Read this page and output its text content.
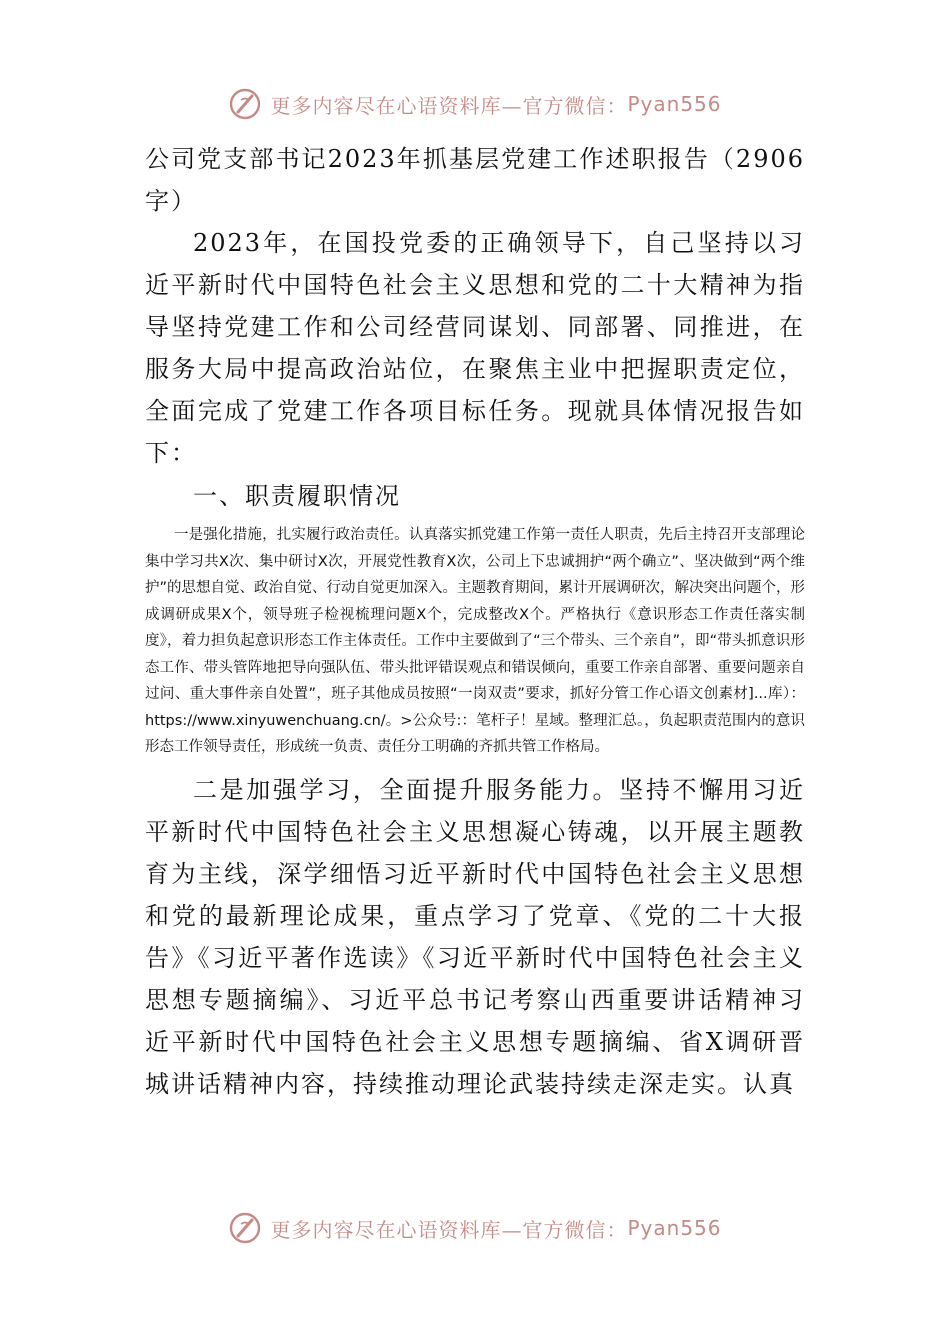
更多内容尽在心语资料库—官方微信： Pyan556
公司党支部书记2023年抓基层党建工作述职报告（2906字）

2023年，在国投党委的正确领导下，自己坚持以习近平新时代中国特色社会主义思想和党的二十大精神为指导坚持党建工作和公司经营同谋划、同部署、同推进，在服务大局中提高政治站位，在聚焦主业中把握职责定位，全面完成了党建工作各项目标任务。现就具体情况报告如下：

一、职责履职情况

一是强化措施，扎实履行政治责任。认真落实抓党建工作第一责任人职责，先后主持召开支部理论集中学习共X次、集中研讨X次，开展党性教育X次，公司上下忠诚拥护“两个确立”、坚决做到“两个维护”的思想自觉、政治自觉、行动自觉更加深入。主题教育期间，累计开展调研次，解决突出问题个，形成调研成果X个，领导班子检视梳理问题X个，完成整改X个。严格执行《意识形态工作责任落实制度》，着力担负起意识形态工作主体责任。工作中主要做到了“三个带头、三个亲自”，即“带头抓意识形态工作、带头管阵地把导向强队伍、带头批评错误观点和错误倾向，重要工作亲自部署、重要问题亲自过问、重大事件亲自处置”，班子其他成员按照“一岗双责”要求，抓好分管工作心语文创素材]...库）：https://www.xinyuwenchuang.cn/。>公众号:：笔杆子！星域。整理汇总。，负起职责范围内的意识形态工作领导责任，形成统一负责、责任分工明确的齐抓共管工作格局。

二是加强学习，全面提升服务能力。坚持不懈用习近平新时代中国特色社会主义思想凝心铸魂，以开展主题教育为主线，深学细悟习近平新时代中国特色社会主义思想和党的最新理论成果，重点学习了党章、《党的二十大报告》《习近平著作选读》《习近平新时代中国特色社会主义思想专题摘编》、习近平总书记考察山西重要讲话精神习近平新时代中国特色社会主义思想专题摘编、省X调研晋城讲话精神内容，持续推动理论武装持续走深走实。认真

更多内容尽在心语资料库—官方微信： Pyan556
